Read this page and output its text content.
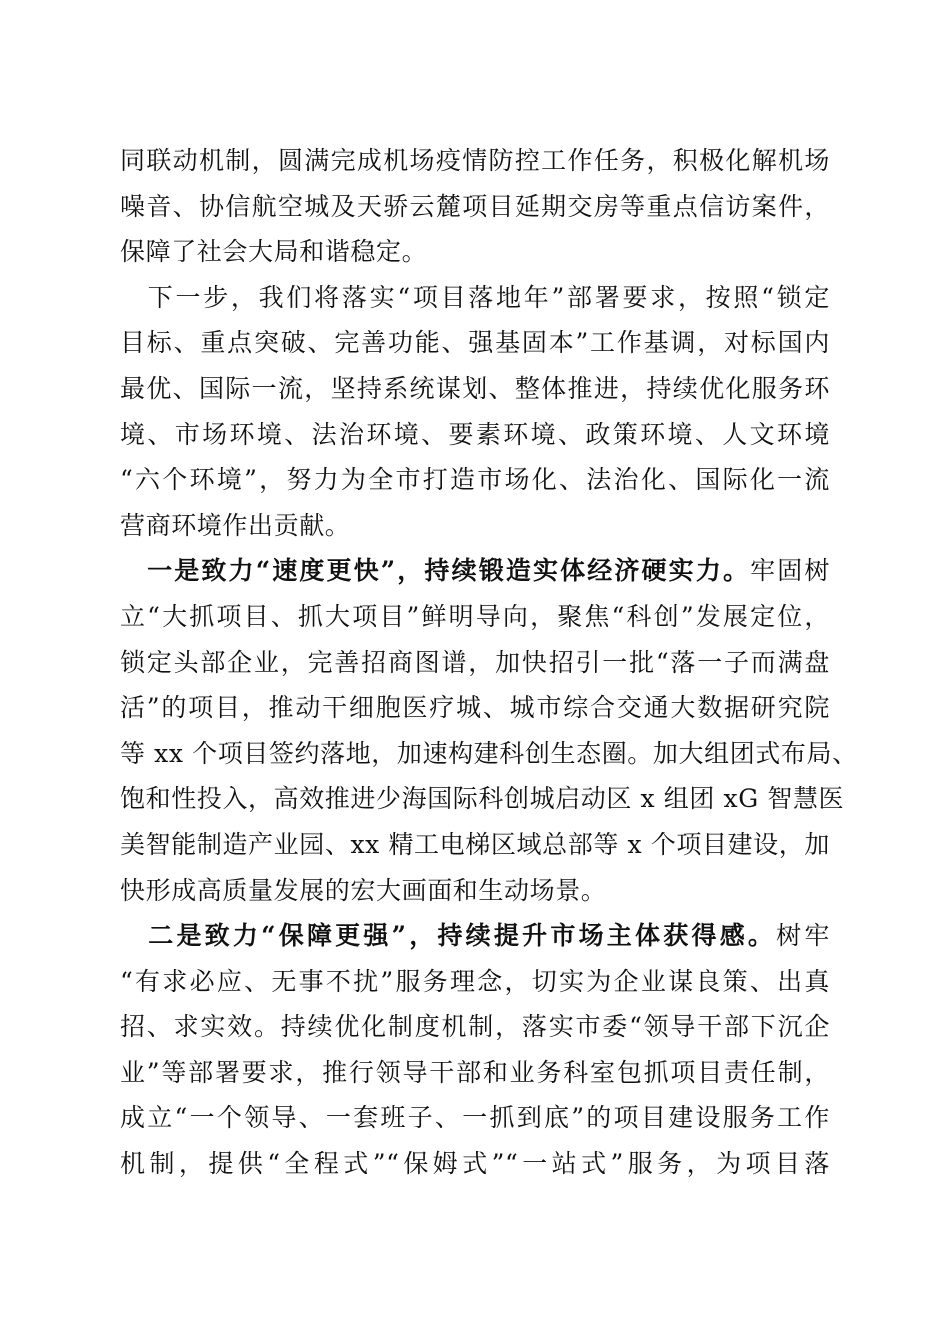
同联动机制，圆满完成机场疫情防控工作任务，积极化解机场
噪音、协信航空城及天骄云麓项目延期交房等重点信访案件，
保障了社会大局和谐稳定。
　下一步，我们将落实“项目落地年”部署要求，按照“锁定
目标、重点突破、完善功能、强基固本”工作基调，对标国内
最优、国际一流，坚持系统谋划、整体推进，持续优化服务环
境、市场环境、法治环境、要素环境、政策环境、人文环境
“六个环境”，努力为全市打造市场化、法治化、国际化一流
营商环境作出贡献。
　一是致力“速度更快”，持续锻造实体经济硬实力。牢固树
立“大抓项目、抓大项目”鲜明导向，聚焦“科创”发展定位，
锁定头部企业，完善招商图谱，加快招引一批“落一子而满盘
活”的项目，推动干细胞医疗城、城市综合交通大数据研究院
等 xx 个项目签约落地，加速构建科创生态圈。加大组团式布局、
饱和性投入，高效推进少海国际科创城启动区 x 组团 xG 智慧医
美智能制造产业园、xx 精工电梯区域总部等 x 个项目建设，加
快形成高质量发展的宏大画面和生动场景。
　二是致力“保障更强”，持续提升市场主体获得感。树牢
“有求必应、无事不扰”服务理念，切实为企业谋良策、出真
招、求实效。持续优化制度机制，落实市委“领导干部下沉企
业”等部署要求，推行领导干部和业务科室包抓项目责任制，
成立“一个领导、一套班子、一抓到底”的项目建设服务工作
机制，提供“全程式”“保姆式”“一站式”服务，为项目落
